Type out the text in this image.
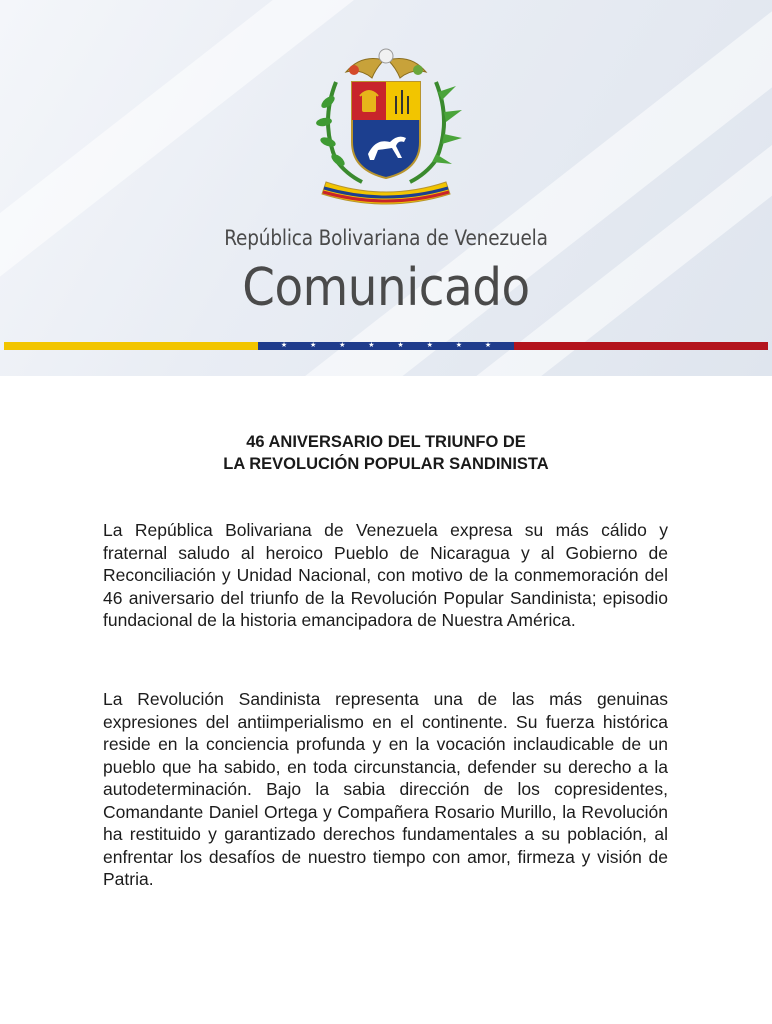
República Bolivariana de Venezuela
Comunicado
★	★	★	★	★	★	★	★
46 ANIVERSARIO DEL TRIUNFO DE
LA REVOLUCIÓN POPULAR SANDINISTA

La República Bolivariana de Venezuela expresa su más cálido y fraternal saludo al heroico Pueblo de Nicaragua y al Gobierno de Reconciliación y Unidad Nacional, con motivo de la conmemoración del 46 aniversario del triunfo de la Revolución Popular Sandinista; episodio fundacional de la historia emancipadora de Nuestra América.

La Revolución Sandinista representa una de las más genuinas expresiones del antiimperialismo en el continente. Su fuerza histórica reside en la conciencia profunda y en la vocación inclaudicable de un pueblo que ha sabido, en toda circunstancia, defender su derecho a la autodeterminación. Bajo la sabia dirección de los copresidentes, Comandante Daniel Ortega y Compañera Rosario Murillo, la Revolución ha restituido y garantizado derechos fundamentales a su población, al enfrentar los desafíos de nuestro tiempo con amor, firmeza y visión de Patria.
